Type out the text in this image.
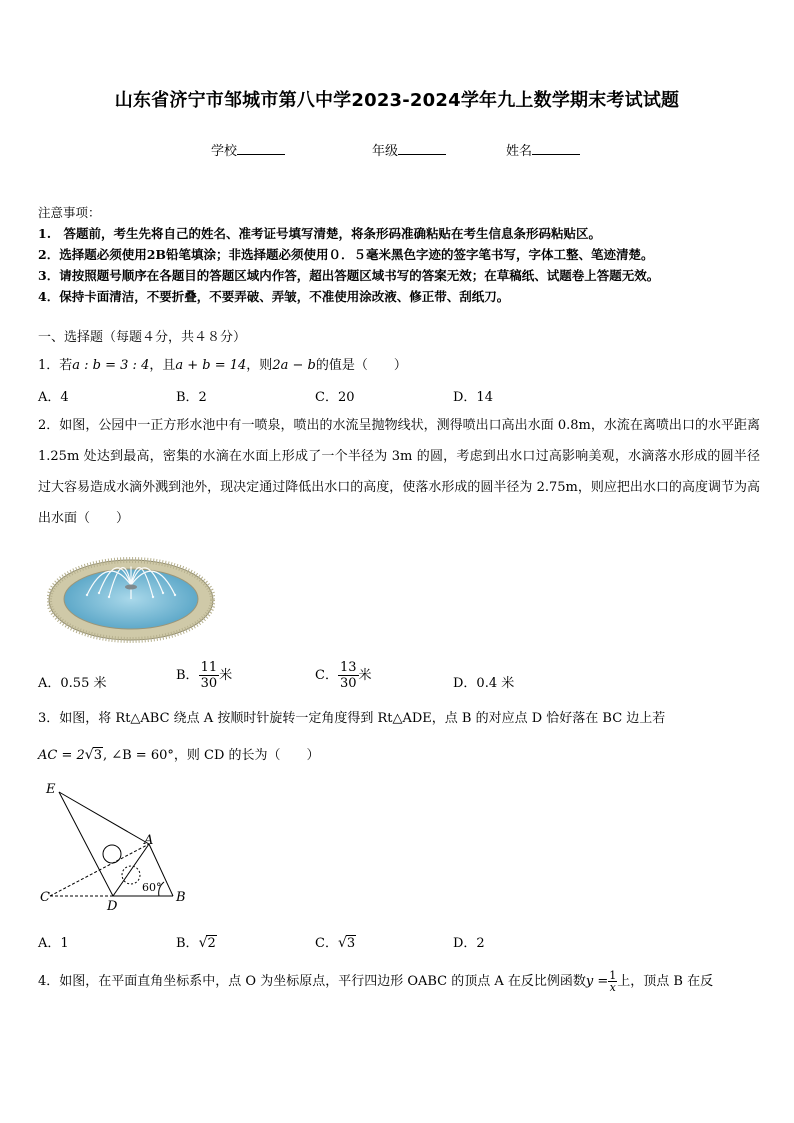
山东省济宁市邹城市第八中学2023-2024学年九上数学期末考试试题
学校	年级	姓名
注意事项：
1.　答题前，考生先将自己的姓名、准考证号填写清楚，将条形码准确粘贴在考生信息条形码粘贴区。
2．选择题必须使用2B铅笔填涂；非选择题必须使用０．５毫米黑色字迹的签字笔书写，字体工整、笔迹清楚。
3．请按照题号顺序在各题目的答题区域内作答，超出答题区域书写的答案无效；在草稿纸、试题卷上答题无效。
4．保持卡面清洁，不要折叠，不要弄破、弄皱，不准使用涂改液、修正带、刮纸刀。
一、选择题（每题４分，共４８分）
1．若a : b = 3 : 4，且a + b = 14，则2a − b的值是（　　）
A．4	B．2	C．20	D．14
2．如图，公园中一正方形水池中有一喷泉，喷出的水流呈抛物线状，测得喷出口高出水面 0.8m，水流在离喷出口的水平距离 1.25m 处达到最高，密集的水滴在水面上形成了一个半径为 3m 的圆，考虑到出水口过高影响美观，水滴落水形成的圆半径过大容易造成水滴外溅到池外，现决定通过降低出水口的高度，使落水形成的圆半径为 2.75m，则应把出水口的高度调节为高出水面（　　）
A．0.55 米
B． $\frac{11}{30}$ 米	C． $\frac{13}{30}$ 米
D．0.4 米
3．如图，将 Rt△ABC 绕点 A 按顺时针旋转一定角度得到 Rt△ADE，点 B 的对应点 D 恰好落在 BC 边上若
AC = 2√3, ∠B = 60°，则 CD 的长为（　　）
E
A
C
D
B
60°
A．1	B．√2	C．√3	D．2
4．如图，在平面直角坐标系中，点 O 为坐标原点，平行四边形 OABC 的顶点 A 在反比例函数$y = \frac{1}{x}$上，顶点 B 在反
